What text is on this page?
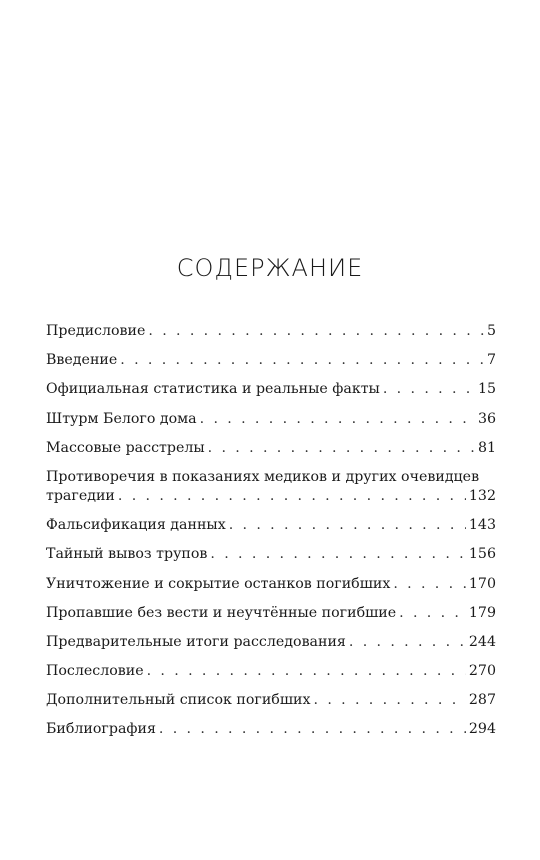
СОДЕРЖАНИЕ
Предисловие . . .	5
Введение . . .	7
Официальная статистика и реальные факты . . .	15
Штурм Белого дома . . .	36
Массовые расстрелы . . .	81
Противоречия в показаниях медиков и других очевидцев
трагедии . . .	132
Фальсификация данных . . .	143
Тайный вывоз трупов . . .	156
Уничтожение и сокрытие останков погибших . . .	170
Пропавшие без вести и неучтённые погибшие . . .	179
Предварительные итоги расследования . . .	244
Послесловие . . .	270
Дополнительный список погибших . . .	287
Библиография . . .	294
